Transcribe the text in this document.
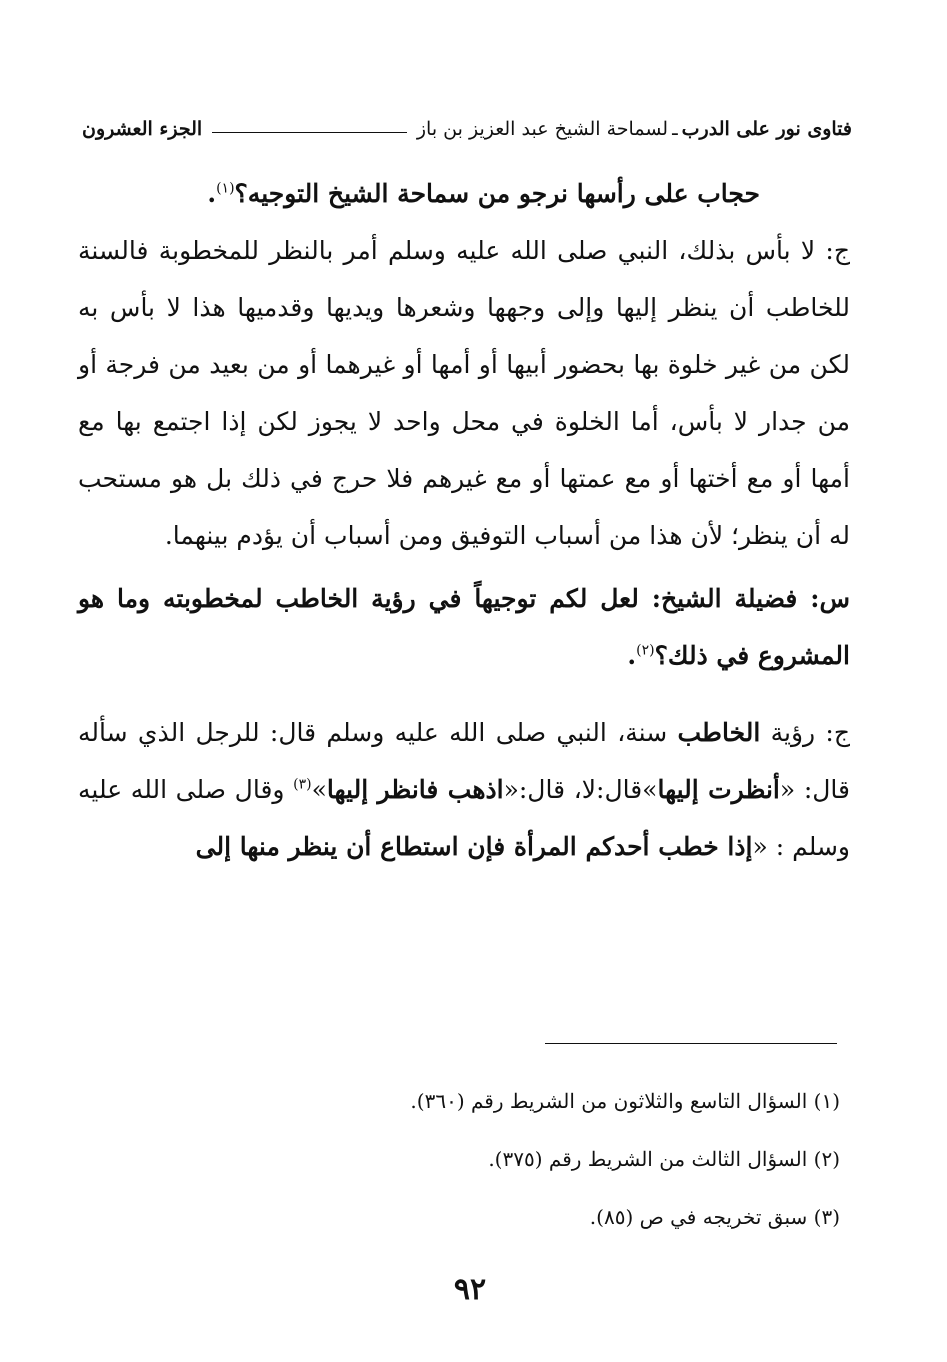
فتاوى نور على الدرب
ـ
لسماحة الشيخ عبد العزيز بن باز
الجزء العشرون

حجاب على رأسها نرجو من سماحة الشيخ التوجيه؟$^{(١)}$.

ج: لا بأس بذلك، النبي صلى الله عليه وسلم أمر بالنظر للمخطوبة فالسنة للخاطب أن ينظر إليها وإلى وجهها وشعرها ويديها وقدميها هذا لا بأس به لكن من غير خلوة بها بحضور أبيها أو أمها أو غيرهما أو من بعيد من فرجة أو من جدار لا بأس، أما الخلوة في محل واحد لا يجوز لكن إذا اجتمع بها مع أمها أو مع أختها أو مع عمتها أو مع غيرهم فلا حرج في ذلك بل هو مستحب له أن ينظر؛ لأن هذا من أسباب التوفيق ومن أسباب أن يؤدم بينهما.

س: فضيلة الشيخ: لعل لكم توجيهاً في رؤية الخاطب لمخطوبته وما هو المشروع في ذلك؟$^{(٢)}$.

ج: رؤية الخاطب سنة، النبي صلى الله عليه وسلم قال: للرجل الذي سأله قال: «أنظرت إليها»قال:لا، قال:«اذهب فانظر إليها»$^{(٣)}$ وقال صلى الله عليه وسلم : «إذا خطب أحدكم المرأة فإن استطاع أن ينظر منها إلى

(١) السؤال التاسع والثلاثون من الشريط رقم (٣٦٠).

(٢) السؤال الثالث من الشريط رقم (٣٧٥).

(٣) سبق تخريجه في ص (٨٥).

٩٢
